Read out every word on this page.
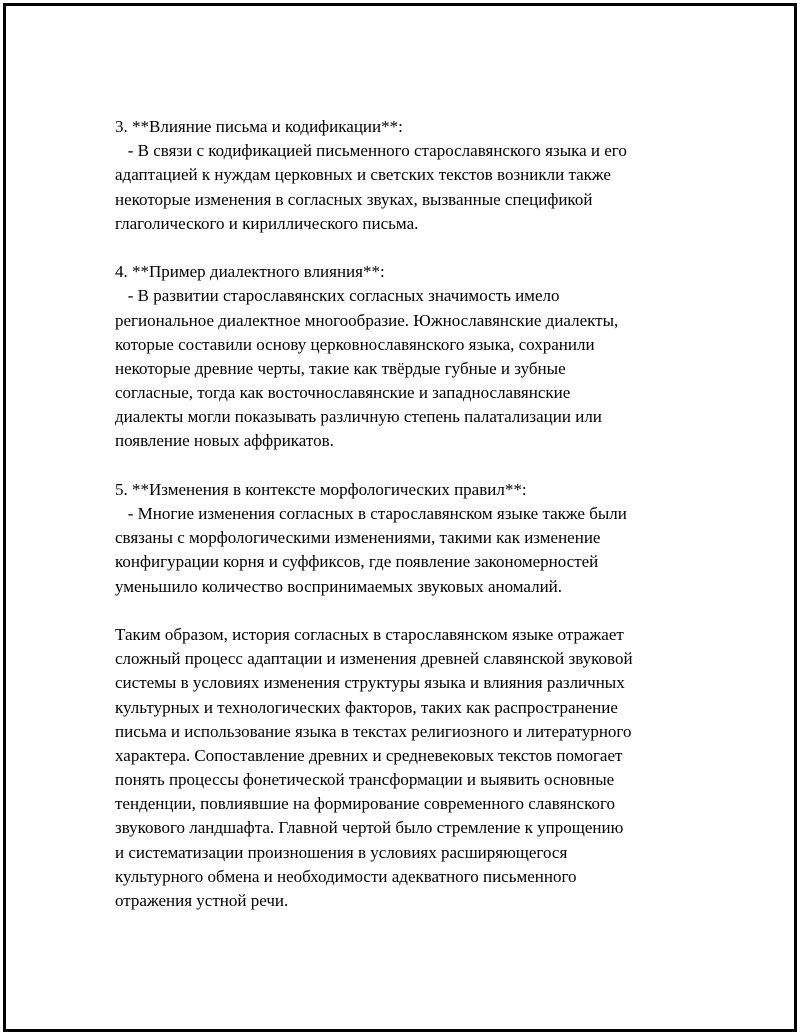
3. **Влияние письма и кодификации**:
- В связи с кодификацией письменного старославянского языка и его
адаптацией к нуждам церковных и светских текстов возникли также
некоторые изменения в согласных звуках, вызванные спецификой
глаголического и кириллического письма.
4. **Пример диалектного влияния**:
- В развитии старославянских согласных значимость имело
региональное диалектное многообразие. Южнославянские диалекты,
которые составили основу церковнославянского языка, сохранили
некоторые древние черты, такие как твёрдые губные и зубные
согласные, тогда как восточнославянские и западнославянские
диалекты могли показывать различную степень палатализации или
появление новых аффрикатов.
5. **Изменения в контексте морфологических правил**:
- Многие изменения согласных в старославянском языке также были
связаны с морфологическими изменениями, такими как изменение
конфигурации корня и суффиксов, где появление закономерностей
уменьшило количество воспринимаемых звуковых аномалий.
Таким образом, история согласных в старославянском языке отражает
сложный процесс адаптации и изменения древней славянской звуковой
системы в условиях изменения структуры языка и влияния различных
культурных и технологических факторов, таких как распространение
письма и использование языка в текстах религиозного и литературного
характера. Сопоставление древних и средневековых текстов помогает
понять процессы фонетической трансформации и выявить основные
тенденции, повлиявшие на формирование современного славянского
звукового ландшафта. Главной чертой было стремление к упрощению
и систематизации произношения в условиях расширяющегося
культурного обмена и необходимости адекватного письменного
отражения устной речи.
